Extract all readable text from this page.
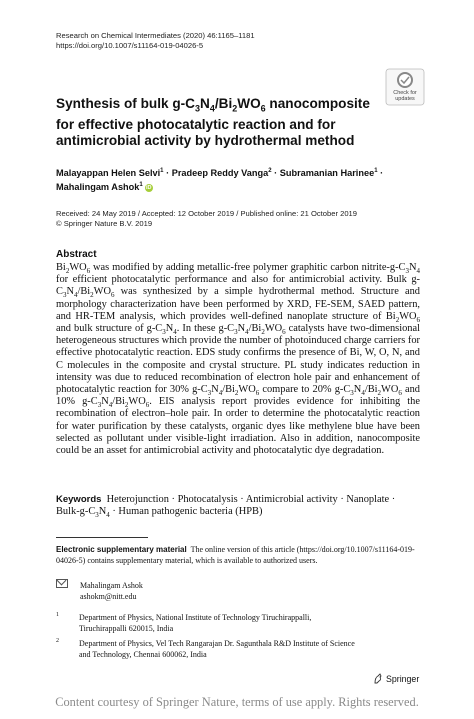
Research on Chemical Intermediates (2020) 46:1165–1181
https://doi.org/10.1007/s11164-019-04026-5
Check for
updates
Synthesis of bulk $g-C_3N_4/Bi_2WO_6$ nanocomposite for effective photocatalytic reaction and for antimicrobial activity by hydrothermal method
Malayappan Helen Selvi$^1$ · Pradeep Reddy Vanga$^2$ · Subramanian Harinee$^1$ ·
Mahalingam Ashok$^1$iD
Received: 24 May 2019 / Accepted: 12 October 2019 / Published online: 21 October 2019
© Springer Nature B.V. 2019
Abstract
$Bi_2WO_6$ was modified by adding metallic-free polymer graphitic carbon nitrite-$g-C_3N_4$ for efficient photocatalytic performance and also for antimicrobial activity. Bulk $g-C_3N_4/Bi_2WO_6$ was synthesized by a simple hydrothermal method. Structure and morphology characterization have been performed by XRD, FE-SEM, SAED pattern, and HR-TEM analysis, which provides well-defined nanoplate structure of $Bi_2WO_6$ and bulk structure of $g-C_3N_4$. In these $g-C_3N_4/Bi_2WO_6$ catalysts have two-dimensional heterogeneous structures which provide the number of photoinduced charge carriers for effective photocatalytic reaction. EDS study confirms the presence of Bi, W, O, N, and C molecules in the composite and crystal structure. PL study indicates reduction in intensity was due to reduced recombination of electron hole pair and enhancement of photocatalytic reaction for 30% $g-C_3N_4/Bi_2WO_6$ compare to 20% $g-C_3N_4/Bi_2WO_6$ and 10% $g-C_3N_4/Bi_2WO_6$. EIS analysis report provides evidence for inhibiting the recombination of electron–hole pair. In order to determine the photocatalytic reaction for water purification by these catalysts, organic dyes like methylene blue have been selected as pollutant under visible-light irradiation. Also in addition, nanocomposite could be an asset for antimicrobial activity and photocatalytic dye degradation.
Keywords Heterojunction · Photocatalysis · Antimicrobial activity · Nanoplate · Bulk-$g-C_3N_4$ · Human pathogenic bacteria (HPB)
Electronic supplementary material The online version of this article (https://doi.org/10.1007/s11164-019-04026-5) contains supplementary material, which is available to authorized users.
Mahalingam Ashok
ashokm@nitt.edu
1	Department of Physics, National Institute of Technology Tiruchirappalli,
Tiruchirappalli 620015, India
2	Department of Physics, Vel Tech Rangarajan Dr. Sagunthala R&D Institute of Science
and Technology, Chennai 600062, India
Springer
Content courtesy of Springer Nature, terms of use apply. Rights reserved.
